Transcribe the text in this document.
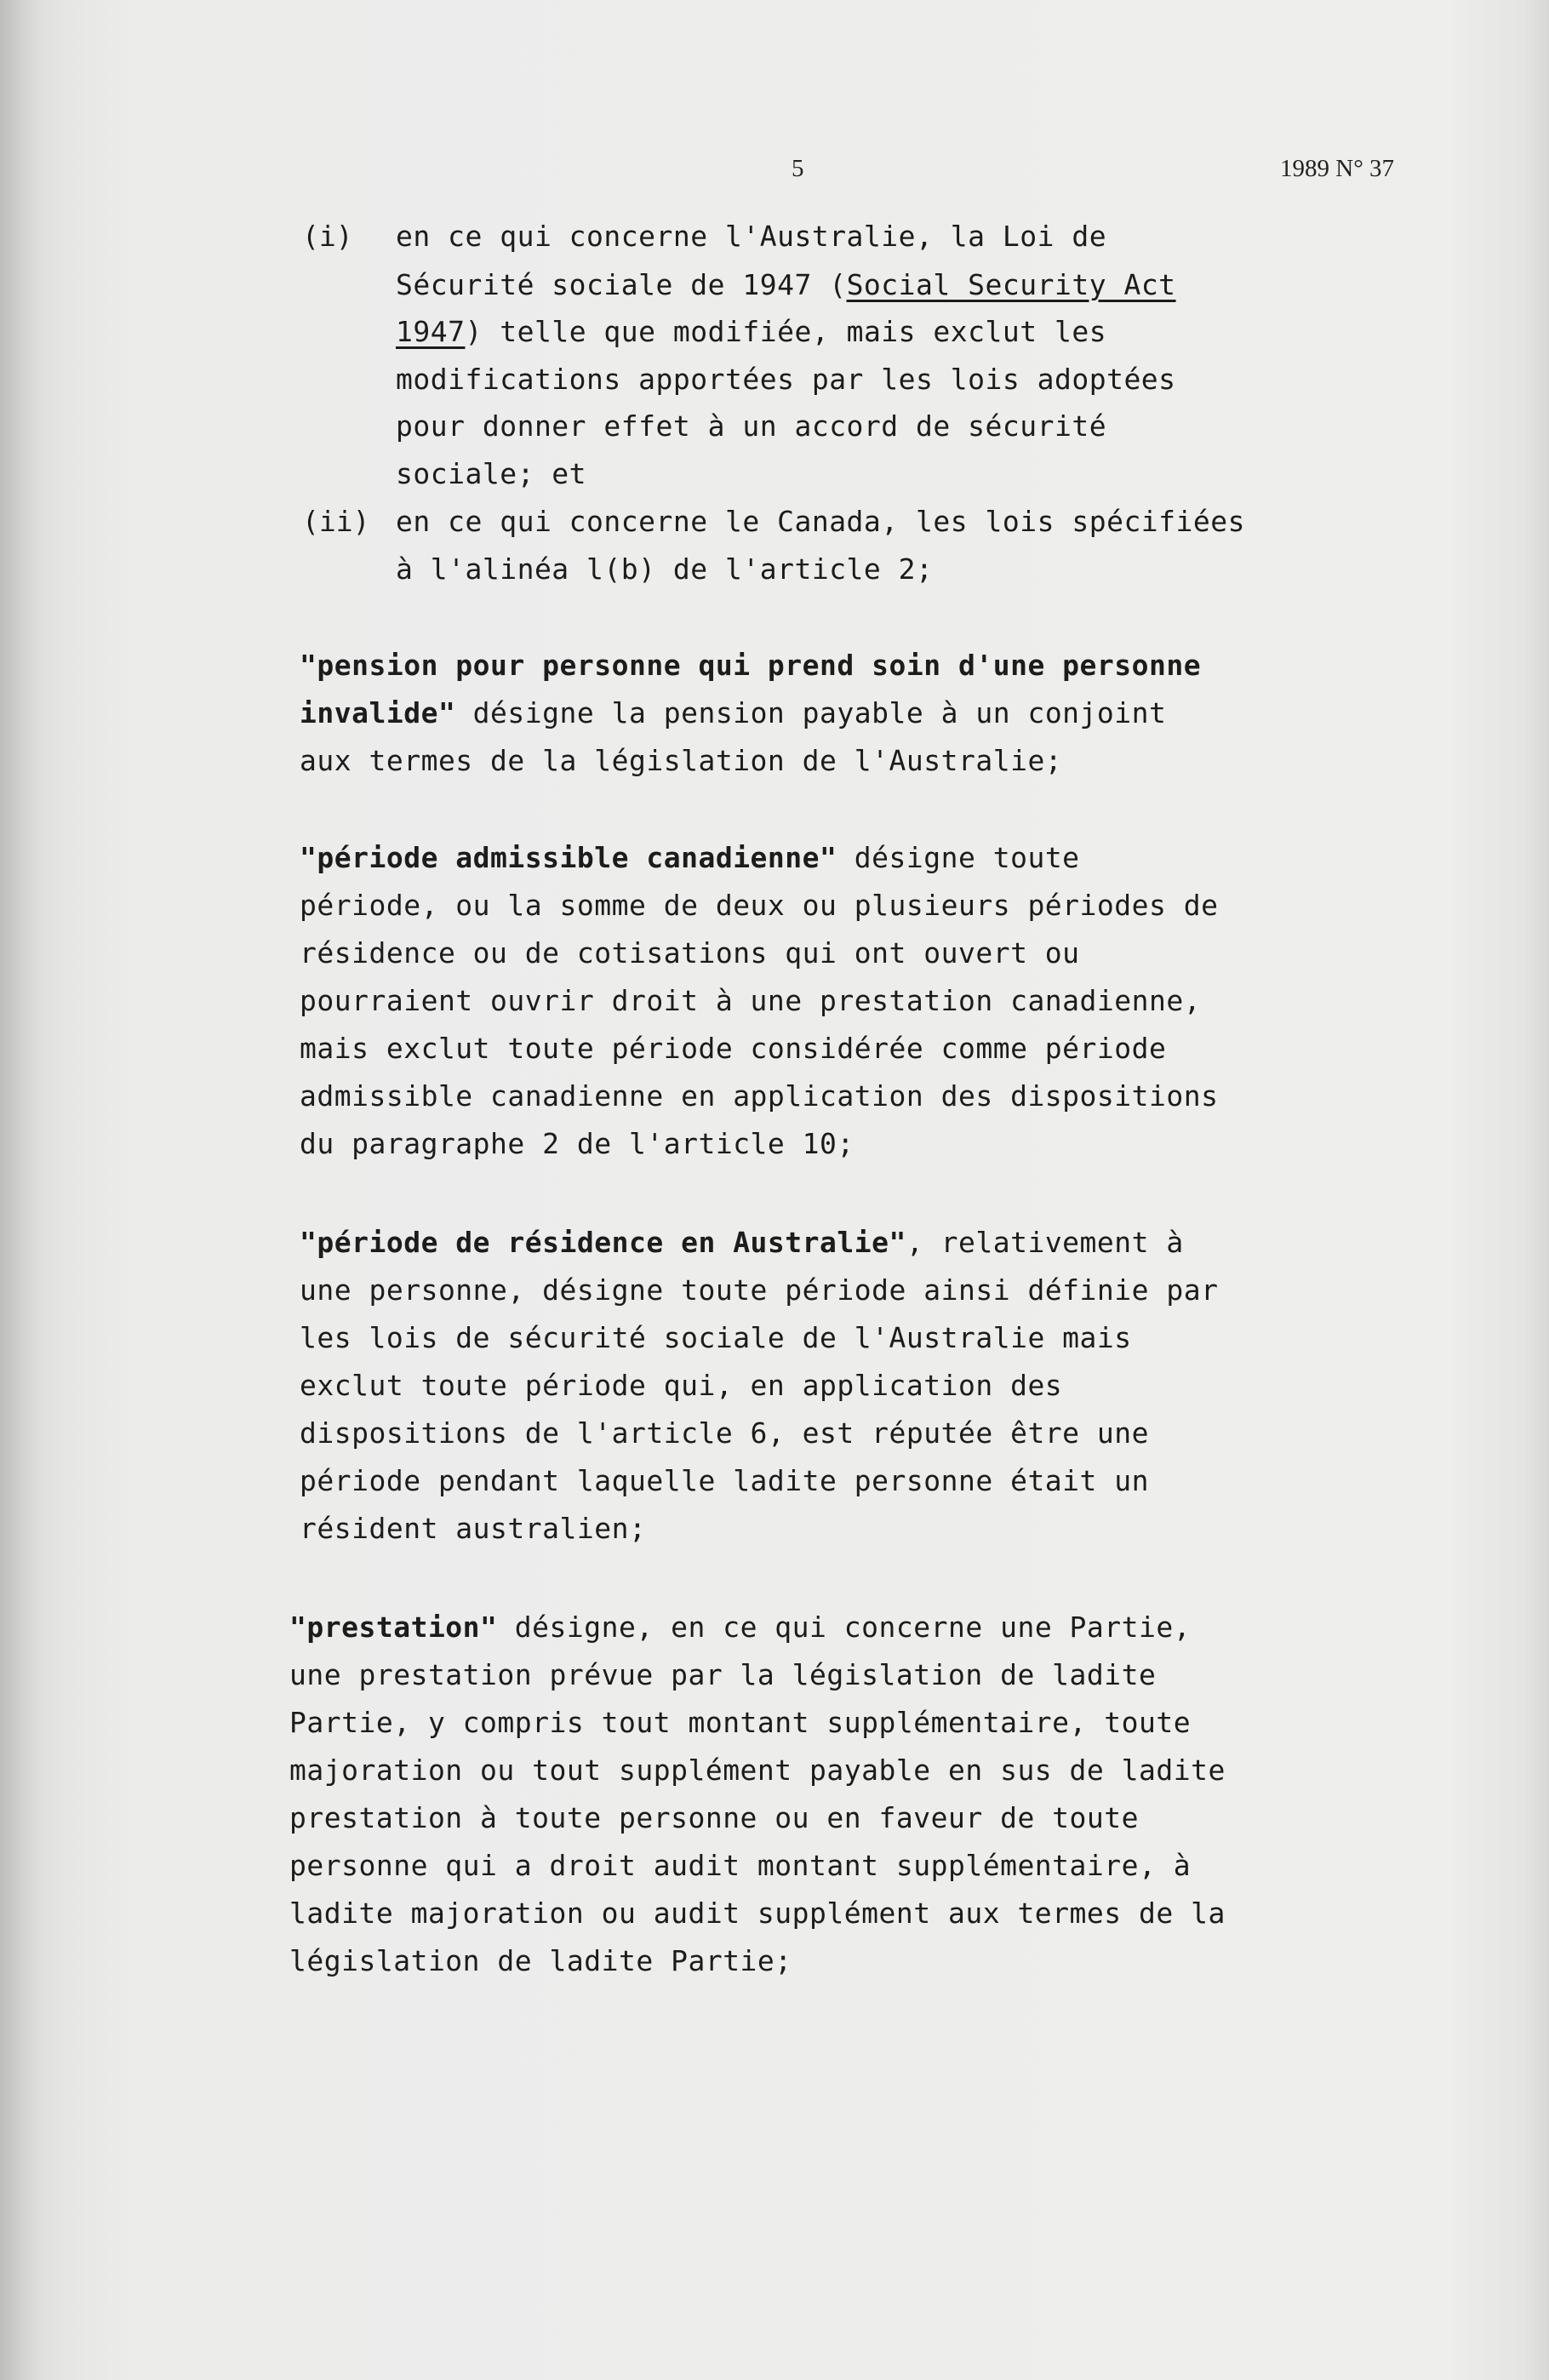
5	1989 N° 37
(i) en ce qui concerne l'Australie, la Loi de
Sécurité sociale de 1947 (Social Security Act
1947) telle que modifiée, mais exclut les
modifications apportées par les lois adoptées
pour donner effet à un accord de sécurité
sociale; et
(ii) en ce qui concerne le Canada, les lois spécifiées
à l'alinéa l(b) de l'article 2;
"pension pour personne qui prend soin d'une personne
invalide" désigne la pension payable à un conjoint
aux termes de la législation de l'Australie;
"période admissible canadienne" désigne toute
période, ou la somme de deux ou plusieurs périodes de
résidence ou de cotisations qui ont ouvert ou
pourraient ouvrir droit à une prestation canadienne,
mais exclut toute période considérée comme période
admissible canadienne en application des dispositions
du paragraphe 2 de l'article 10;
"période de résidence en Australie", relativement à
une personne, désigne toute période ainsi définie par
les lois de sécurité sociale de l'Australie mais
exclut toute période qui, en application des
dispositions de l'article 6, est réputée être une
période pendant laquelle ladite personne était un
résident australien;
"prestation" désigne, en ce qui concerne une Partie,
une prestation prévue par la législation de ladite
Partie, y compris tout montant supplémentaire, toute
majoration ou tout supplément payable en sus de ladite
prestation à toute personne ou en faveur de toute
personne qui a droit audit montant supplémentaire, à
ladite majoration ou audit supplément aux termes de la
législation de ladite Partie;
